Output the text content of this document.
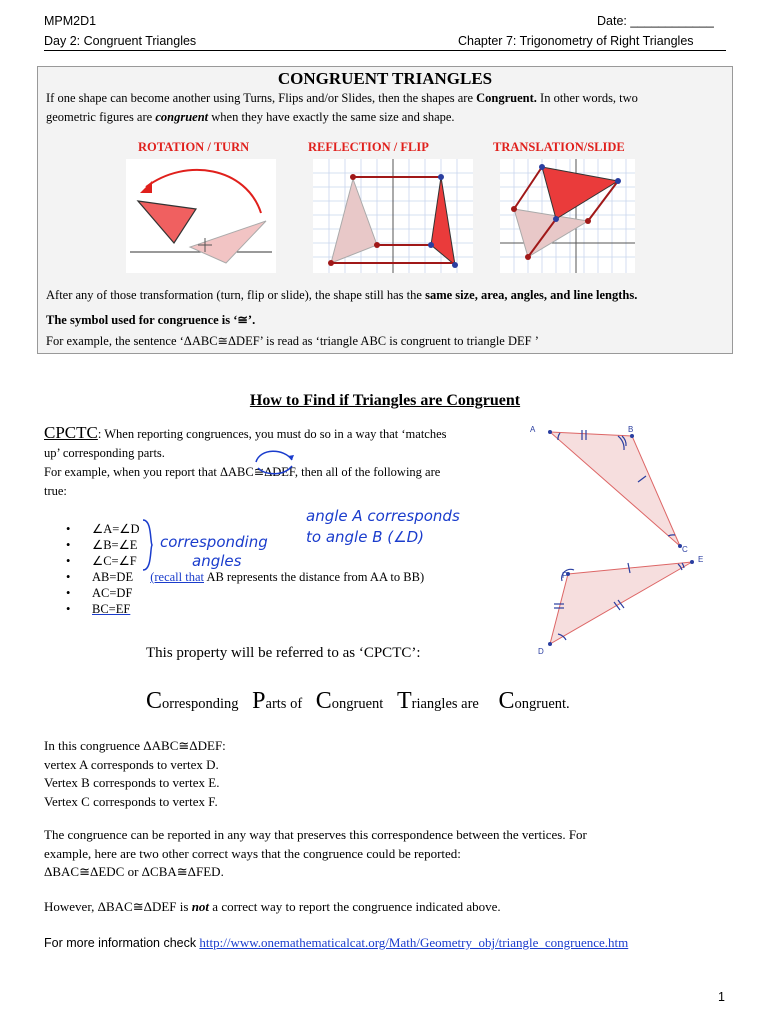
MPM2D1	Date: ____________
Day 2: Congruent Triangles	Chapter 7: Trigonometry of Right Triangles
CONGRUENT TRIANGLES
If one shape can become another using Turns, Flips and/or Slides, then the shapes are Congruent. In other words, two
geometric figures are congruent when they have exactly the same size and shape.
ROTATION / TURN	REFLECTION / FLIP	TRANSLATION/SLIDE
After any of those transformation (turn, flip or slide), the shape still has the same size, area, angles, and line lengths.
The symbol used for congruence is ‘≅’.
For example, the sentence ‘ΔABC≅ΔDEF’ is read as ‘triangle ABC is congruent to triangle DEF ’
How to Find if Triangles are Congruent
CPCTC: When reporting congruences, you must do so in a way that ‘matches
up’ corresponding parts.
For example, when you report that ΔABC≅ΔDEF, then all of the following are
true:
• ∠A=∠D
• ∠B=∠E
• ∠C=∠F
• AB=DE (recall that AB represents the distance from AA to BB)
• AC=DF
• BC=EF
corresponding
angles
angle A corresponds
to angle B (∠D)
A	B
C
F
E
D
This property will be referred to as ‘CPCTC’:
Corresponding Parts of Congruent Triangles are Congruent.
In this congruence ΔABC≅ΔDEF:
vertex A corresponds to vertex D.
Vertex B corresponds to vertex E.
Vertex C corresponds to vertex F.
The congruence can be reported in any way that preserves this correspondence between the vertices. For
example, here are two other correct ways that the congruence could be reported:
ΔBAC≅ΔEDC or ΔCBA≅ΔFED.
However, ΔBAC≅ΔDEF is not a correct way to report the congruence indicated above.
For more information check http://www.onemathematicalcat.org/Math/Geometry_obj/triangle_congruence.htm
1
